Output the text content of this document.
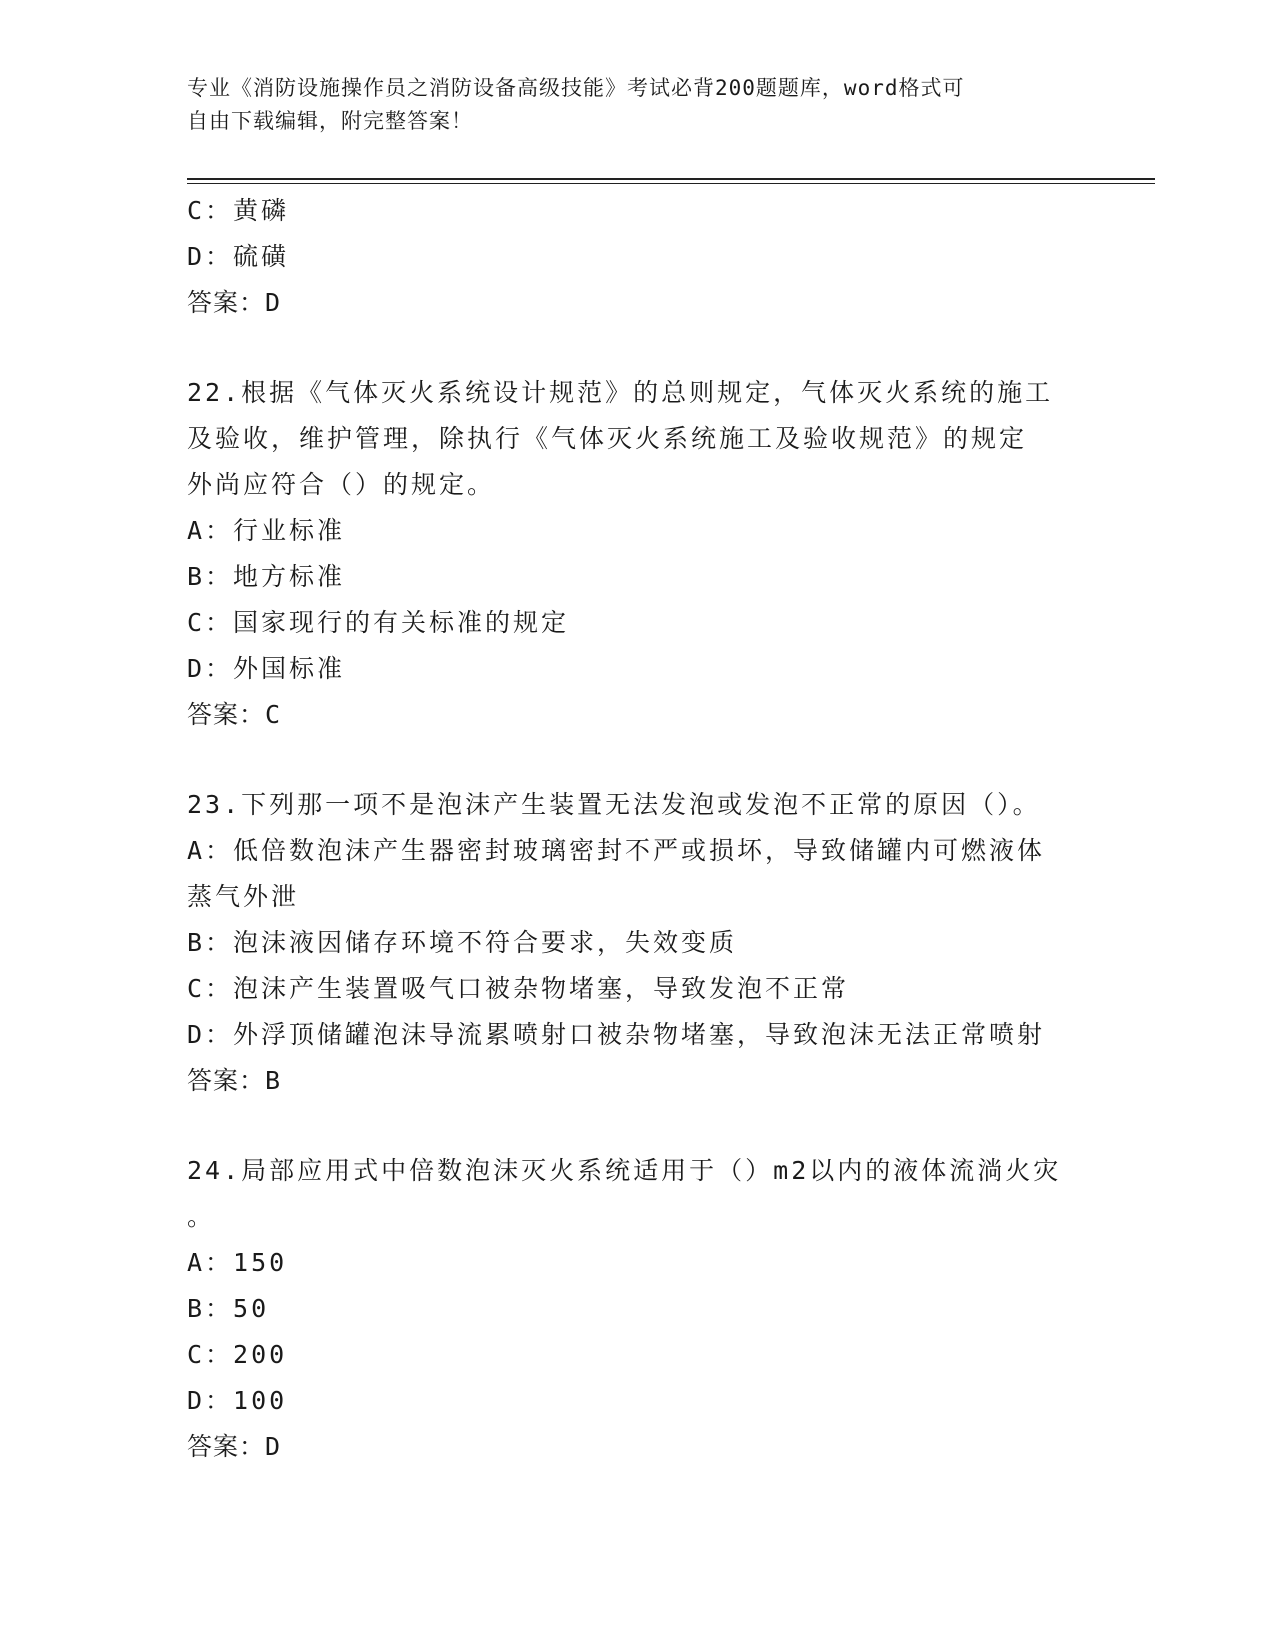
专业《消防设施操作员之消防设备高级技能》考试必背200题题库，word格式可
自由下载编辑，附完整答案！
C：黄磷
D：硫磺
答案：D
22.根据《气体灭火系统设计规范》的总则规定，气体灭火系统的施工
及验收，维护管理，除执行《气体灭火系统施工及验收规范》的规定
外尚应符合（）的规定。
A：行业标准
B：地方标准
C：国家现行的有关标准的规定
D：外国标准
答案：C
23.下列那一项不是泡沫产生装置无法发泡或发泡不正常的原因（）。
A：低倍数泡沫产生器密封玻璃密封不严或损坏，导致储罐内可燃液体
蒸气外泄
B：泡沫液因储存环境不符合要求，失效变质
C：泡沫产生装置吸气口被杂物堵塞，导致发泡不正常
D：外浮顶储罐泡沫导流累喷射口被杂物堵塞，导致泡沫无法正常喷射
答案：B
24.局部应用式中倍数泡沫灭火系统适用于（）m2以内的液体流淌火灾
。
A：150
B：50
C：200
D：100
答案：D
